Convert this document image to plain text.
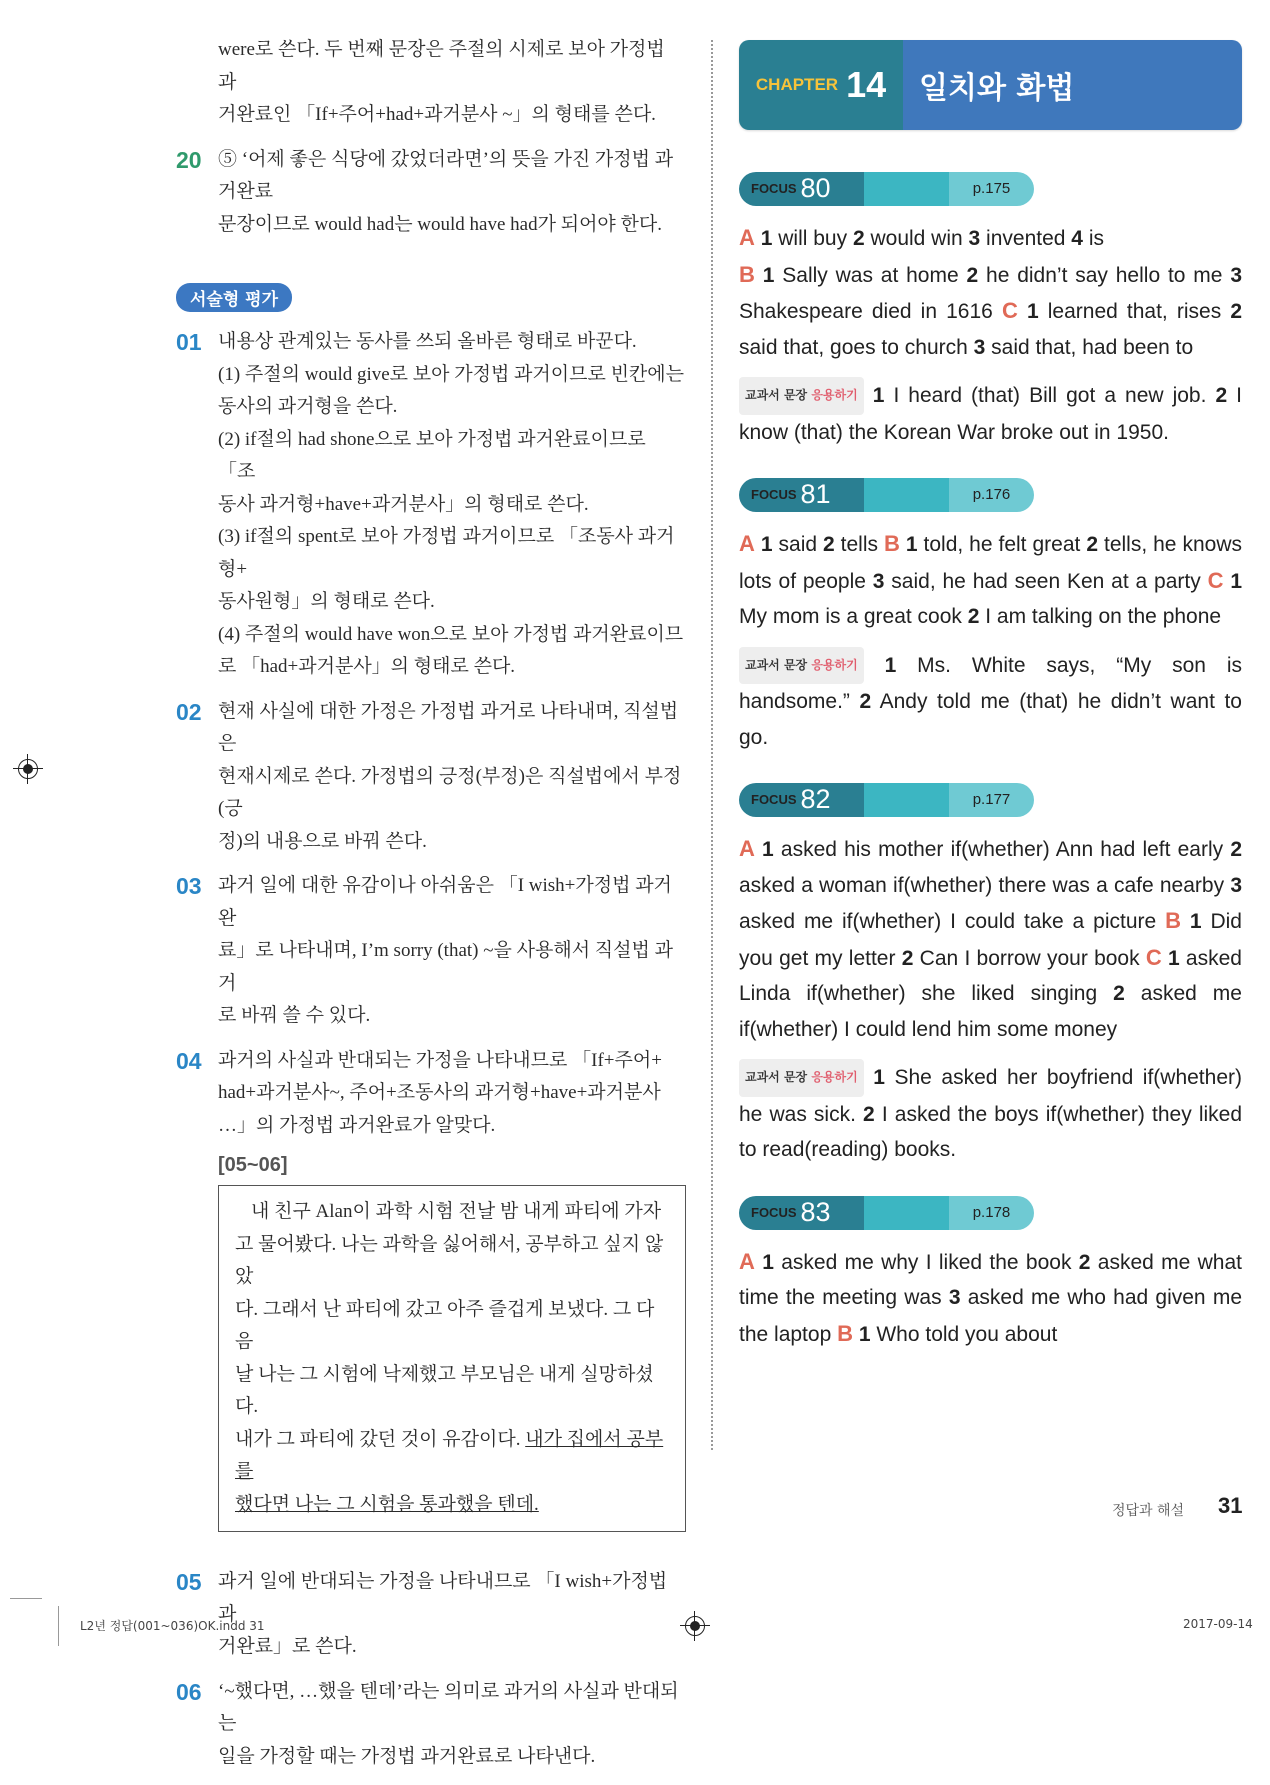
were로 쓴다. 두 번째 문장은 주절의 시제로 보아 가정법 과
거완료인 「If+주어+had+과거분사 ~」의 형태를 쓴다.
20 ⑤ ‘어제 좋은 식당에 갔었더라면’의 뜻을 가진 가정법 과거완료
문장이므로 would had는 would have had가 되어야 한다.
서술형 평가
01 내용상 관계있는 동사를 쓰되 올바른 형태로 바꾼다.
(1) 주절의 would give로 보아 가정법 과거이므로 빈칸에는
동사의 과거형을 쓴다.
(2) if절의 had shone으로 보아 가정법 과거완료이므로 「조
동사 과거형+have+과거분사」의 형태로 쓴다.
(3) if절의 spent로 보아 가정법 과거이므로 「조동사 과거형+
동사원형」의 형태로 쓴다.
(4) 주절의 would have won으로 보아 가정법 과거완료이므
로 「had+과거분사」의 형태로 쓴다.
02 현재 사실에 대한 가정은 가정법 과거로 나타내며, 직설법은
현재시제로 쓴다. 가정법의 긍정(부정)은 직설법에서 부정(긍
정)의 내용으로 바꿔 쓴다.
03 과거 일에 대한 유감이나 아쉬움은 「I wish+가정법 과거완
료」로 나타내며, I’m sorry (that) ~을 사용해서 직설법 과거
로 바꿔 쓸 수 있다.
04 과거의 사실과 반대되는 가정을 나타내므로 「If+주어+
had+과거분사~, 주어+조동사의 과거형+have+과거분사
…」의 가정법 과거완료가 알맞다.
[05~06]
내 친구 Alan이 과학 시험 전날 밤 내게 파티에 가자
고 물어봤다. 나는 과학을 싫어해서, 공부하고 싶지 않았
다. 그래서 난 파티에 갔고 아주 즐겁게 보냈다. 그 다음
날 나는 그 시험에 낙제했고 부모님은 내게 실망하셨다.
내가 그 파티에 갔던 것이 유감이다. 내가 집에서 공부를
했다면 나는 그 시험을 통과했을 텐데.
05 과거 일에 반대되는 가정을 나타내므로 「I wish+가정법 과
거완료」로 쓴다.
06 ‘~했다면, …했을 텐데’라는 의미로 과거의 사실과 반대되는
일을 가정할 때는 가정법 과거완료로 나타낸다.
CHAPTER 14 일치와 화법
FOCUS 80	p.175
A 1 will buy 2 would win 3 invented 4 is
B 1 Sally was at home 2 he didn’t say hello to me 3 Shakespeare died in 1616 C 1 learned that, rises 2 said that, goes to church 3 said that, had been to
교과서 문장 응용하기 1 I heard (that) Bill got a new job. 2 I know (that) the Korean War broke out in 1950.
FOCUS 81	p.176
A 1 said 2 tells B 1 told, he felt great 2 tells, he knows lots of people 3 said, he had seen Ken at a party C 1 My mom is a great cook 2 I am talking on the phone
교과서 문장 응용하기 1 Ms. White says, “My son is handsome.” 2 Andy told me (that) he didn’t want to go.
FOCUS 82	p.177
A 1 asked his mother if(whether) Ann had left early 2 asked a woman if(whether) there was a cafe nearby 3 asked me if(whether) I could take a picture B 1 Did you get my letter 2 Can I borrow your book C 1 asked Linda if(whether) she liked singing 2 asked me if(whether) I could lend him some money
교과서 문장 응용하기 1 She asked her boyfriend if(whether) he was sick. 2 I asked the boys if(whether) they liked to read(reading) books.
FOCUS 83	p.178
A 1 asked me why I liked the book 2 asked me what time the meeting was 3 asked me who had given me the laptop B 1 Who told you about
정답과 해설 31
L2년 정답(001~036)OK.indd 31	2017-09-14
